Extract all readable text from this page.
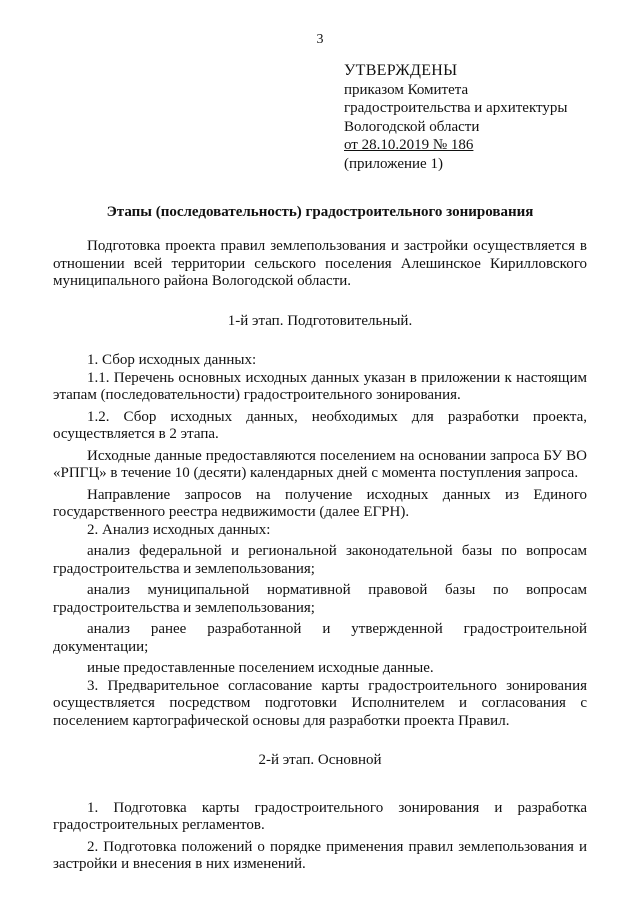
3
УТВЕРЖДЕНЫ
приказом Комитета
градостроительства и архитектуры
Вологодской области
от 28.10.2019 № 186
(приложение 1)
Этапы (последовательность) градостроительного зонирования

Подготовка проекта правил землепользования и застройки осуществляется в отношении всей территории сельского поселения Алешинское Кирилловского муниципального района Вологодской области.

1-й этап. Подготовительный.

1. Сбор исходных данных:

1.1. Перечень основных исходных данных указан в приложении к настоящим этапам (последовательности) градостроительного зонирования.

1.2. Сбор исходных данных, необходимых для разработки проекта, осуществляется в 2 этапа.

Исходные данные предоставляются поселением на основании запроса БУ ВО «РПГЦ» в течение 10 (десяти) календарных дней с момента поступления запроса.

Направление запросов на получение исходных данных из Единого государственного реестра недвижимости (далее ЕГРН).

2. Анализ исходных данных:

анализ федеральной и региональной законодательной базы по вопросам градостроительства и землепользования;

анализ муниципальной нормативной правовой базы по вопросам градостроительства и землепользования;

анализ ранее разработанной и утвержденной градостроительной документации;

иные предоставленные поселением исходные данные.

3. Предварительное согласование карты градостроительного зонирования осуществляется посредством подготовки Исполнителем и согласования с поселением картографической основы для разработки проекта Правил.

2-й этап. Основной

1. Подготовка карты градостроительного зонирования и разработка градостроительных регламентов.

2. Подготовка положений о порядке применения правил землепользования и застройки и внесения в них изменений.
